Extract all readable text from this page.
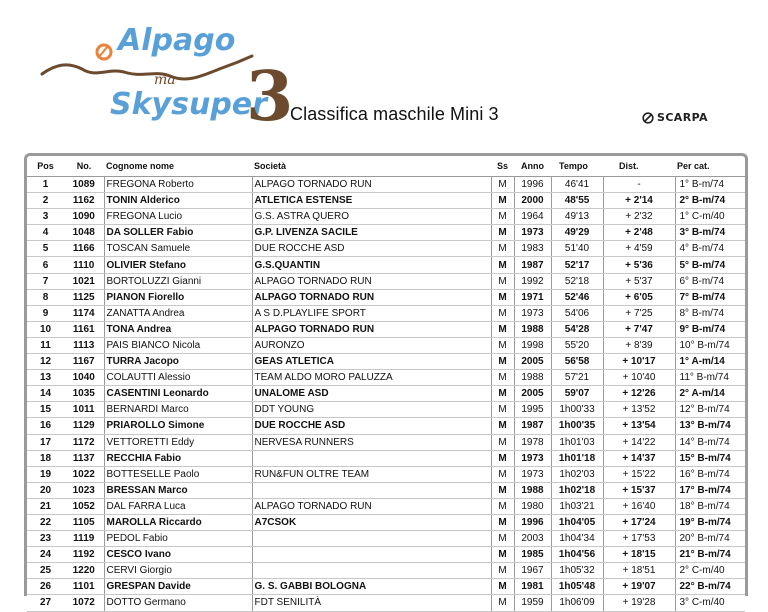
Alpago
ma
Skysuper
3
Classifica maschile Mini 3	SCARPA
Pos	No.	Cognome nome	Società	Ss	Anno	Tempo	Dist.	Per cat.
1	1089	FREGONA Roberto	ALPAGO TORNADO RUN	M	1996	46'41	-	1° B-m/74
2	1162	TONIN Alderico	ATLETICA ESTENSE	M	2000	48'55	+ 2'14	2° B-m/74
3	1090	FREGONA Lucio	G.S. ASTRA QUERO	M	1964	49'13	+ 2'32	1° C-m/40
4	1048	DA SOLLER Fabio	G.P. LIVENZA SACILE	M	1973	49'29	+ 2'48	3° B-m/74
5	1166	TOSCAN Samuele	DUE ROCCHE ASD	M	1983	51'40	+ 4'59	4° B-m/74
6	1110	OLIVIER Stefano	G.S.QUANTIN	M	1987	52'17	+ 5'36	5° B-m/74
7	1021	BORTOLUZZI Gianni	ALPAGO TORNADO RUN	M	1992	52'18	+ 5'37	6° B-m/74
8	1125	PIANON Fiorello	ALPAGO TORNADO RUN	M	1971	52'46	+ 6'05	7° B-m/74
9	1174	ZANATTA Andrea	A S D.PLAYLIFE SPORT	M	1973	54'06	+ 7'25	8° B-m/74
10	1161	TONA Andrea	ALPAGO TORNADO RUN	M	1988	54'28	+ 7'47	9° B-m/74
11	1113	PAIS BIANCO Nicola	AURONZO	M	1998	55'20	+ 8'39	10° B-m/74
12	1167	TURRA Jacopo	GEAS ATLETICA	M	2005	56'58	+ 10'17	1° A-m/14
13	1040	COLAUTTI Alessio	TEAM ALDO MORO PALUZZA	M	1988	57'21	+ 10'40	11° B-m/74
14	1035	CASENTINI Leonardo	UNALOME ASD	M	2005	59'07	+ 12'26	2° A-m/14
15	1011	BERNARDI Marco	DDT YOUNG	M	1995	1h00'33	+ 13'52	12° B-m/74
16	1129	PRIAROLLO Simone	DUE ROCCHE ASD	M	1987	1h00'35	+ 13'54	13° B-m/74
17	1172	VETTORETTI Eddy	NERVESA RUNNERS	M	1978	1h01'03	+ 14'22	14° B-m/74
18	1137	RECCHIA Fabio		M	1973	1h01'18	+ 14'37	15° B-m/74
19	1022	BOTTESELLE Paolo	RUN&FUN OLTRE TEAM	M	1973	1h02'03	+ 15'22	16° B-m/74
20	1023	BRESSAN Marco		M	1988	1h02'18	+ 15'37	17° B-m/74
21	1052	DAL FARRA Luca	ALPAGO TORNADO RUN	M	1980	1h03'21	+ 16'40	18° B-m/74
22	1105	MAROLLA Riccardo	A7CSOK	M	1996	1h04'05	+ 17'24	19° B-m/74
23	1119	PEDOL Fabio		M	2003	1h04'34	+ 17'53	20° B-m/74
24	1192	CESCO Ivano		M	1985	1h04'56	+ 18'15	21° B-m/74
25	1220	CERVI Giorgio		M	1967	1h05'32	+ 18'51	2° C-m/40
26	1101	GRESPAN Davide	G. S. GABBI BOLOGNA	M	1981	1h05'48	+ 19'07	22° B-m/74
27	1072	DOTTO Germano	FDT SENILITÀ	M	1959	1h06'09	+ 19'28	3° C-m/40
